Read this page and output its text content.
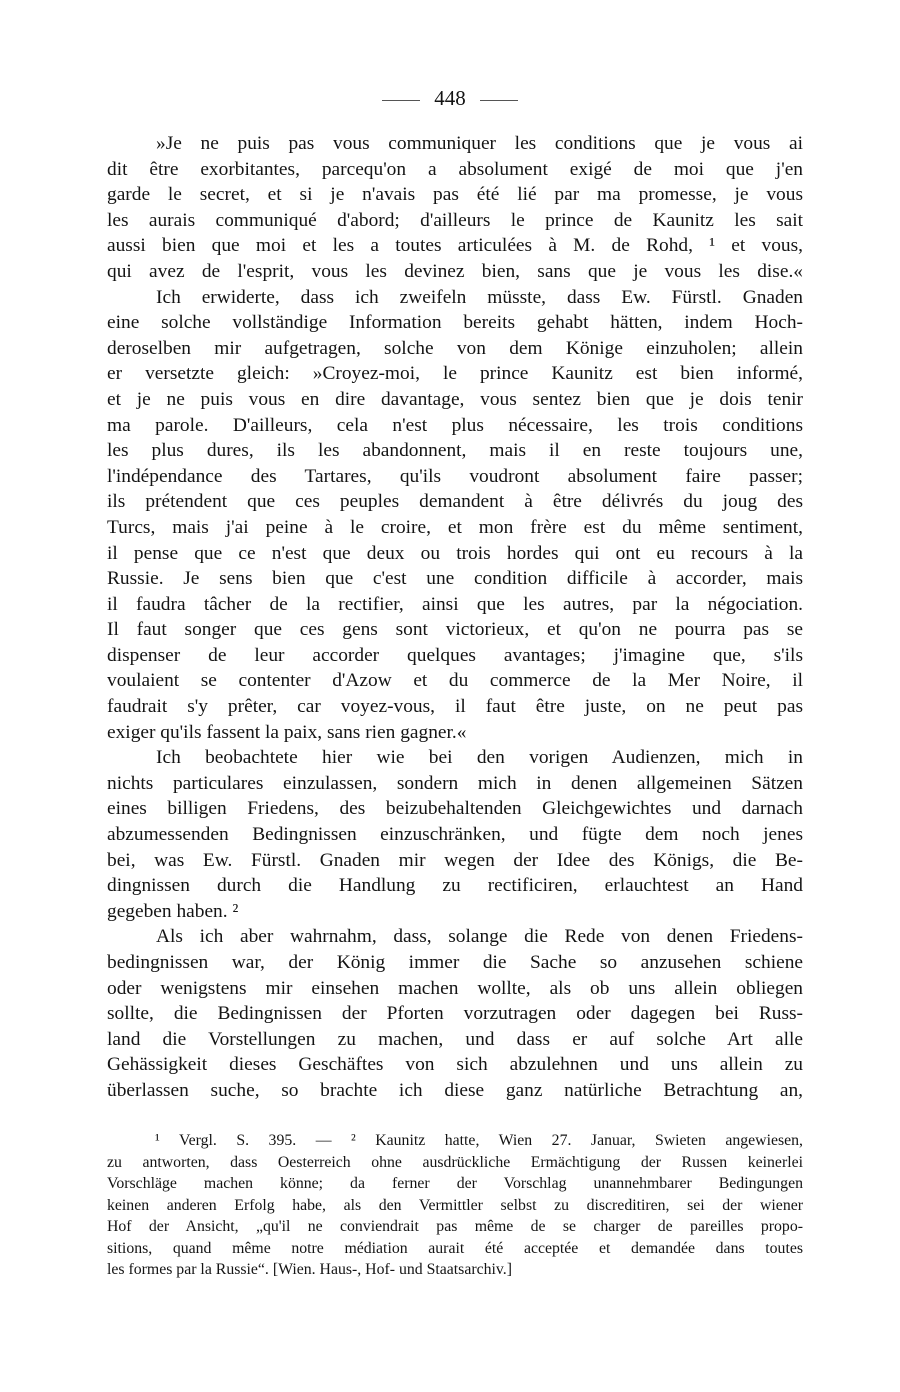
448
»Je ne puis pas vous communiquer les conditions que je vous ai
dit être exorbitantes, parcequ'on a absolument exigé de moi que j'en
garde le secret, et si je n'avais pas été lié par ma promesse, je vous
les aurais communiqué d'abord; d'ailleurs le prince de Kaunitz les sait
aussi bien que moi et les a toutes articulées à M. de Rohd, ¹ et vous,
qui avez de l'esprit, vous les devinez bien, sans que je vous les dise.«
Ich erwiderte, dass ich zweifeln müsste, dass Ew. Fürstl. Gnaden
eine solche vollständige Information bereits gehabt hätten, indem Hoch-
deroselben mir aufgetragen, solche von dem Könige einzuholen; allein
er versetzte gleich: »Croyez-moi, le prince Kaunitz est bien informé,
et je ne puis vous en dire davantage, vous sentez bien que je dois tenir
ma parole. D'ailleurs, cela n'est plus nécessaire, les trois conditions
les plus dures, ils les abandonnent, mais il en reste toujours une,
l'indépendance des Tartares, qu'ils voudront absolument faire passer;
ils prétendent que ces peuples demandent à être délivrés du joug des
Turcs, mais j'ai peine à le croire, et mon frère est du même sentiment,
il pense que ce n'est que deux ou trois hordes qui ont eu recours à la
Russie. Je sens bien que c'est une condition difficile à accorder, mais
il faudra tâcher de la rectifier, ainsi que les autres, par la négociation.
Il faut songer que ces gens sont victorieux, et qu'on ne pourra pas se
dispenser de leur accorder quelques avantages; j'imagine que, s'ils
voulaient se contenter d'Azow et du commerce de la Mer Noire, il
faudrait s'y prêter, car voyez-vous, il faut être juste, on ne peut pas
exiger qu'ils fassent la paix, sans rien gagner.«
Ich beobachtete hier wie bei den vorigen Audienzen, mich in
nichts particulares einzulassen, sondern mich in denen allgemeinen Sätzen
eines billigen Friedens, des beizubehaltenden Gleichgewichtes und darnach
abzumessenden Bedingnissen einzuschränken, und fügte dem noch jenes
bei, was Ew. Fürstl. Gnaden mir wegen der Idee des Königs, die Be-
dingnissen durch die Handlung zu rectificiren, erlauchtest an Hand
gegeben haben. ²
Als ich aber wahrnahm, dass, solange die Rede von denen Friedens-
bedingnissen war, der König immer die Sache so anzusehen schiene
oder wenigstens mir einsehen machen wollte, als ob uns allein obliegen
sollte, die Bedingnissen der Pforten vorzutragen oder dagegen bei Russ-
land die Vorstellungen zu machen, und dass er auf solche Art alle
Gehässigkeit dieses Geschäftes von sich abzulehnen und uns allein zu
überlassen suche, so brachte ich diese ganz natürliche Betrachtung an,
¹ Vergl. S. 395. — ² Kaunitz hatte, Wien 27. Januar, Swieten angewiesen,
zu antworten, dass Oesterreich ohne ausdrückliche Ermächtigung der Russen keinerlei
Vorschläge machen könne; da ferner der Vorschlag unannehmbarer Bedingungen
keinen anderen Erfolg habe, als den Vermittler selbst zu discreditiren, sei der wiener
Hof der Ansicht, „qu'il ne conviendrait pas même de se charger de pareilles propo-
sitions, quand même notre médiation aurait été acceptée et demandée dans toutes
les formes par la Russie“. [Wien. Haus-, Hof- und Staatsarchiv.]
